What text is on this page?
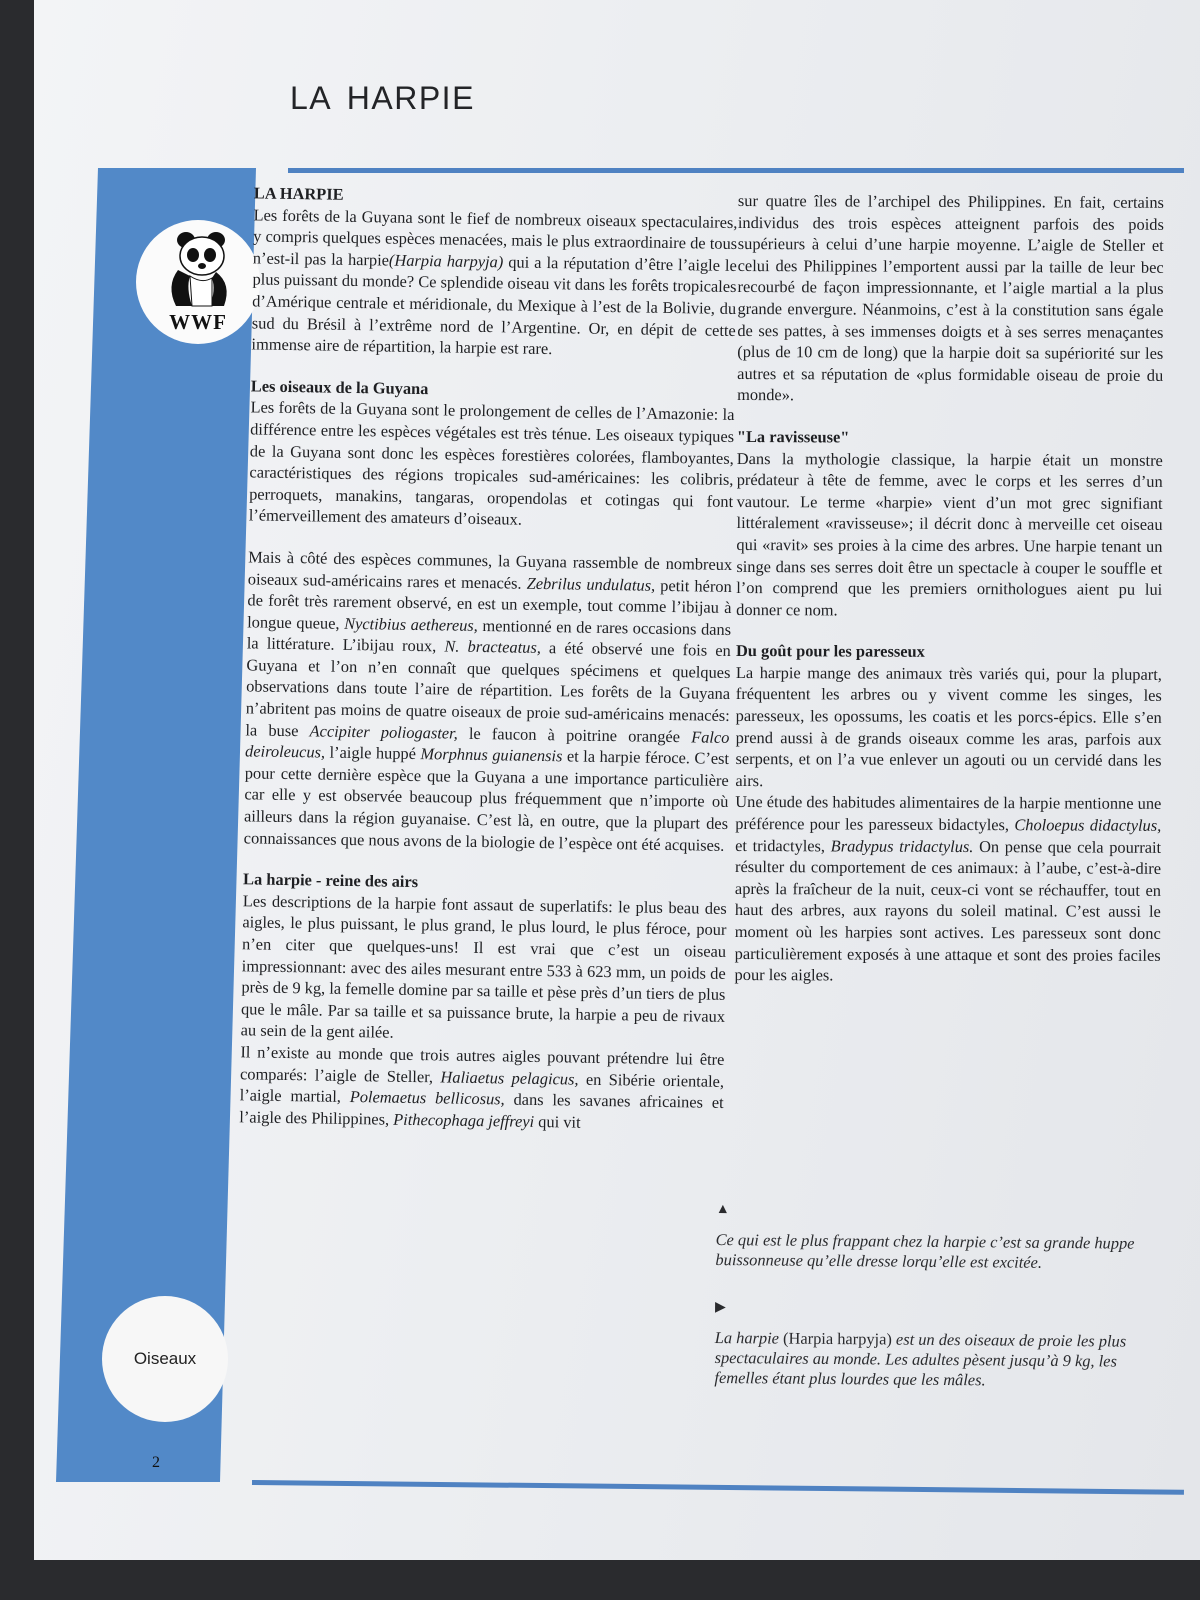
LA HARPIE
WWF
Oiseaux
2
LA HARPIE

Les forêts de la Guyana sont le fief de nombreux oiseaux spectaculaires, y compris quelques espèces menacées, mais le plus extraordinaire de tous n’est-il pas la harpie(Harpia harpyja) qui a la réputation d’être l’aigle le plus puissant du monde? Ce splendide oiseau vit dans les forêts tropicales d’Amérique centrale et méridionale, du Mexique à l’est de la Bolivie, du sud du Brésil à l’extrême nord de l’Argentine. Or, en dépit de cette immense aire de répartition, la harpie est rare.

Les oiseaux de la Guyana

Les forêts de la Guyana sont le prolongement de celles de l’Amazonie: la différence entre les espèces végétales est très ténue. Les oiseaux typiques de la Guyana sont donc les espèces forestières colorées, flamboyantes, caractéristiques des régions tropicales sud-américaines: les colibris, perroquets, manakins, tangaras, oropendolas et cotingas qui font l’émerveillement des amateurs d’oiseaux.

Mais à côté des espèces communes, la Guyana rassemble de nombreux oiseaux sud-américains rares et menacés. Zebrilus undulatus, petit héron de forêt très rarement observé, en est un exemple, tout comme l’ibijau à longue queue, Nyctibius aethereus, mentionné en de rares occasions dans la littérature. L’ibijau roux, N. bracteatus, a été observé une fois en Guyana et l’on n’en connaît que quelques spécimens et quelques observations dans toute l’aire de répartition. Les forêts de la Guyana n’abritent pas moins de quatre oiseaux de proie sud-américains menacés: la buse Accipiter poliogaster, le faucon à poitrine orangée Falco deiroleucus, l’aigle huppé Morphnus guianensis et la harpie féroce. C’est pour cette dernière espèce que la Guyana a une importance particulière car elle y est observée beaucoup plus fréquemment que n’importe où ailleurs dans la région guyanaise. C’est là, en outre, que la plupart des connaissances que nous avons de la biologie de l’espèce ont été acquises.

La harpie - reine des airs

Les descriptions de la harpie font assaut de superlatifs: le plus beau des aigles, le plus puissant, le plus grand, le plus lourd, le plus féroce, pour n’en citer que quelques-uns! Il est vrai que c’est un oiseau impressionnant: avec des ailes mesurant entre 533 à 623 mm, un poids de près de 9 kg, la femelle domine par sa taille et pèse près d’un tiers de plus que le mâle. Par sa taille et sa puissance brute, la harpie a peu de rivaux au sein de la gent ailée.

Il n’existe au monde que trois autres aigles pouvant prétendre lui être comparés: l’aigle de Steller, Haliaetus pelagicus, en Sibérie orientale, l’aigle martial, Polemaetus bellicosus, dans les savanes africaines et l’aigle des Philippines, Pithecophaga jeffreyi qui vit

sur quatre îles de l’archipel des Philippines. En fait, certains individus des trois espèces atteignent parfois des poids supérieurs à celui d’une harpie moyenne. L’aigle de Steller et celui des Philippines l’emportent aussi par la taille de leur bec recourbé de façon impressionnante, et l’aigle martial a la plus grande envergure. Néanmoins, c’est à la constitution sans égale de ses pattes, à ses immenses doigts et à ses serres menaçantes (plus de 10 cm de long) que la harpie doit sa supériorité sur les autres et sa réputation de «plus formidable oiseau de proie du monde».

"La ravisseuse"

Dans la mythologie classique, la harpie était un monstre prédateur à tête de femme, avec le corps et les serres d’un vautour. Le terme «harpie» vient d’un mot grec signifiant littéralement «ravisseuse»; il décrit donc à merveille cet oiseau qui «ravit» ses proies à la cime des arbres. Une harpie tenant un singe dans ses serres doit être un spectacle à couper le souffle et l’on comprend que les premiers ornithologues aient pu lui donner ce nom.

Du goût pour les paresseux

La harpie mange des animaux très variés qui, pour la plupart, fréquentent les arbres ou y vivent comme les singes, les paresseux, les opossums, les coatis et les porcs-épics. Elle s’en prend aussi à de grands oiseaux comme les aras, parfois aux serpents, et on l’a vue enlever un agouti ou un cervidé dans les airs.

Une étude des habitudes alimentaires de la harpie mentionne une préférence pour les paresseux bidactyles, Choloepus didactylus, et tridactyles, Bradypus tridactylus. On pense que cela pourrait résulter du comportement de ces animaux: à l’aube, c’est-à-dire après la fraîcheur de la nuit, ceux-ci vont se réchauffer, tout en haut des arbres, aux rayons du soleil matinal. C’est aussi le moment où les harpies sont actives. Les paresseux sont donc particulièrement exposés à une attaque et sont des proies faciles pour les aigles.

▲

Ce qui est le plus frappant chez la harpie c’est sa grande huppe buissonneuse qu’elle dresse lorqu’elle est excitée.

▶

La harpie (Harpia harpyja) est un des oiseaux de proie les plus spectaculaires au monde. Les adultes pèsent jusqu’à 9 kg, les femelles étant plus lourdes que les mâles.
